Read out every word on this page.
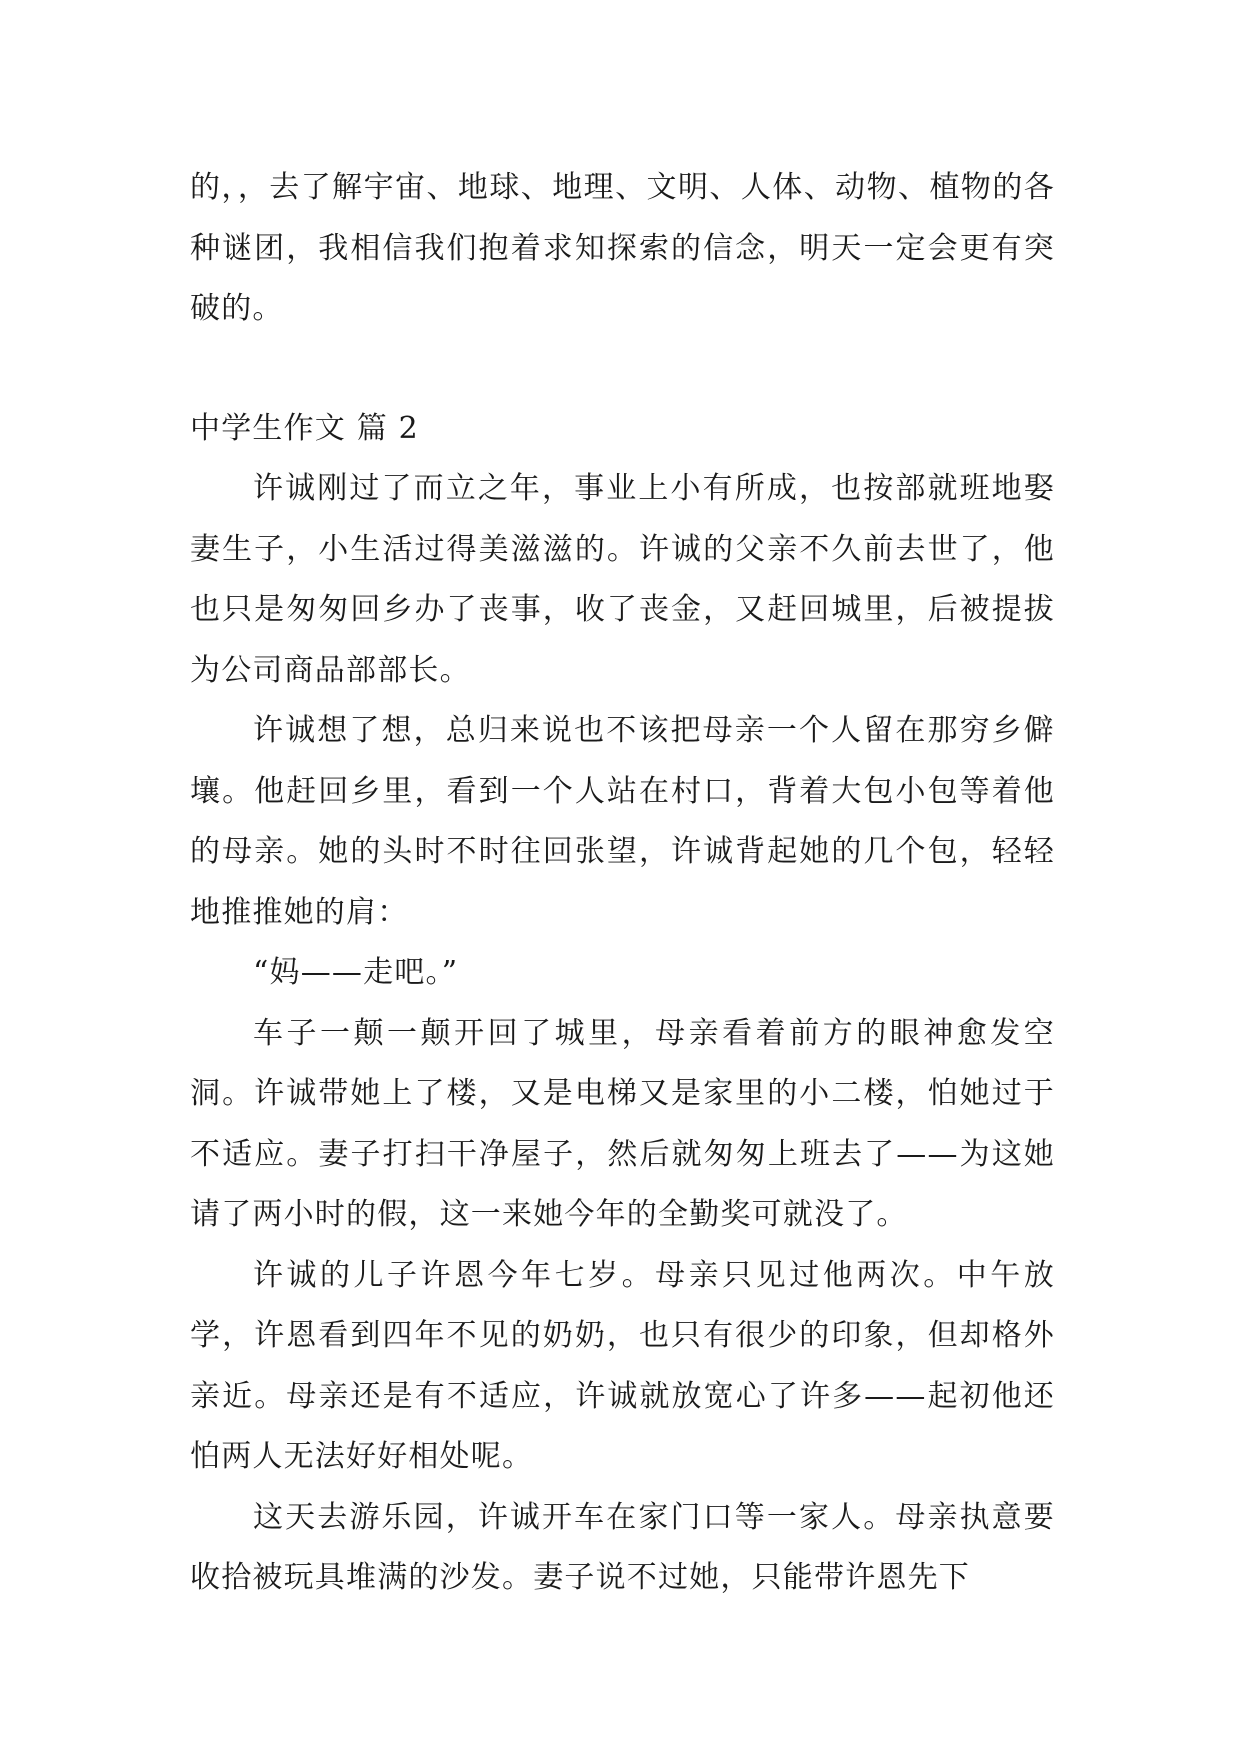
的，，去了解宇宙、地球、地理、文明、人体、动物、植物的各种谜团，我相信我们抱着求知探索的信念，明天一定会更有突破的。

中学生作文 篇 2

许诚刚过了而立之年，事业上小有所成，也按部就班地娶妻生子，小生活过得美滋滋的。许诚的父亲不久前去世了，他也只是匆匆回乡办了丧事，收了丧金，又赶回城里，后被提拔为公司商品部部长。

许诚想了想，总归来说也不该把母亲一个人留在那穷乡僻壤。他赶回乡里，看到一个人站在村口，背着大包小包等着他的母亲。她的头时不时往回张望，许诚背起她的几个包，轻轻地推推她的肩：

“妈——走吧。”

车子一颠一颠开回了城里，母亲看着前方的眼神愈发空洞。许诚带她上了楼，又是电梯又是家里的小二楼，怕她过于不适应。妻子打扫干净屋子，然后就匆匆上班去了——为这她请了两小时的假，这一来她今年的全勤奖可就没了。

许诚的儿子许恩今年七岁。母亲只见过他两次。中午放学，许恩看到四年不见的奶奶，也只有很少的印象，但却格外亲近。母亲还是有不适应，许诚就放宽心了许多——起初他还怕两人无法好好相处呢。

这天去游乐园，许诚开车在家门口等一家人。母亲执意要收拾被玩具堆满的沙发。妻子说不过她，只能带许恩先下
